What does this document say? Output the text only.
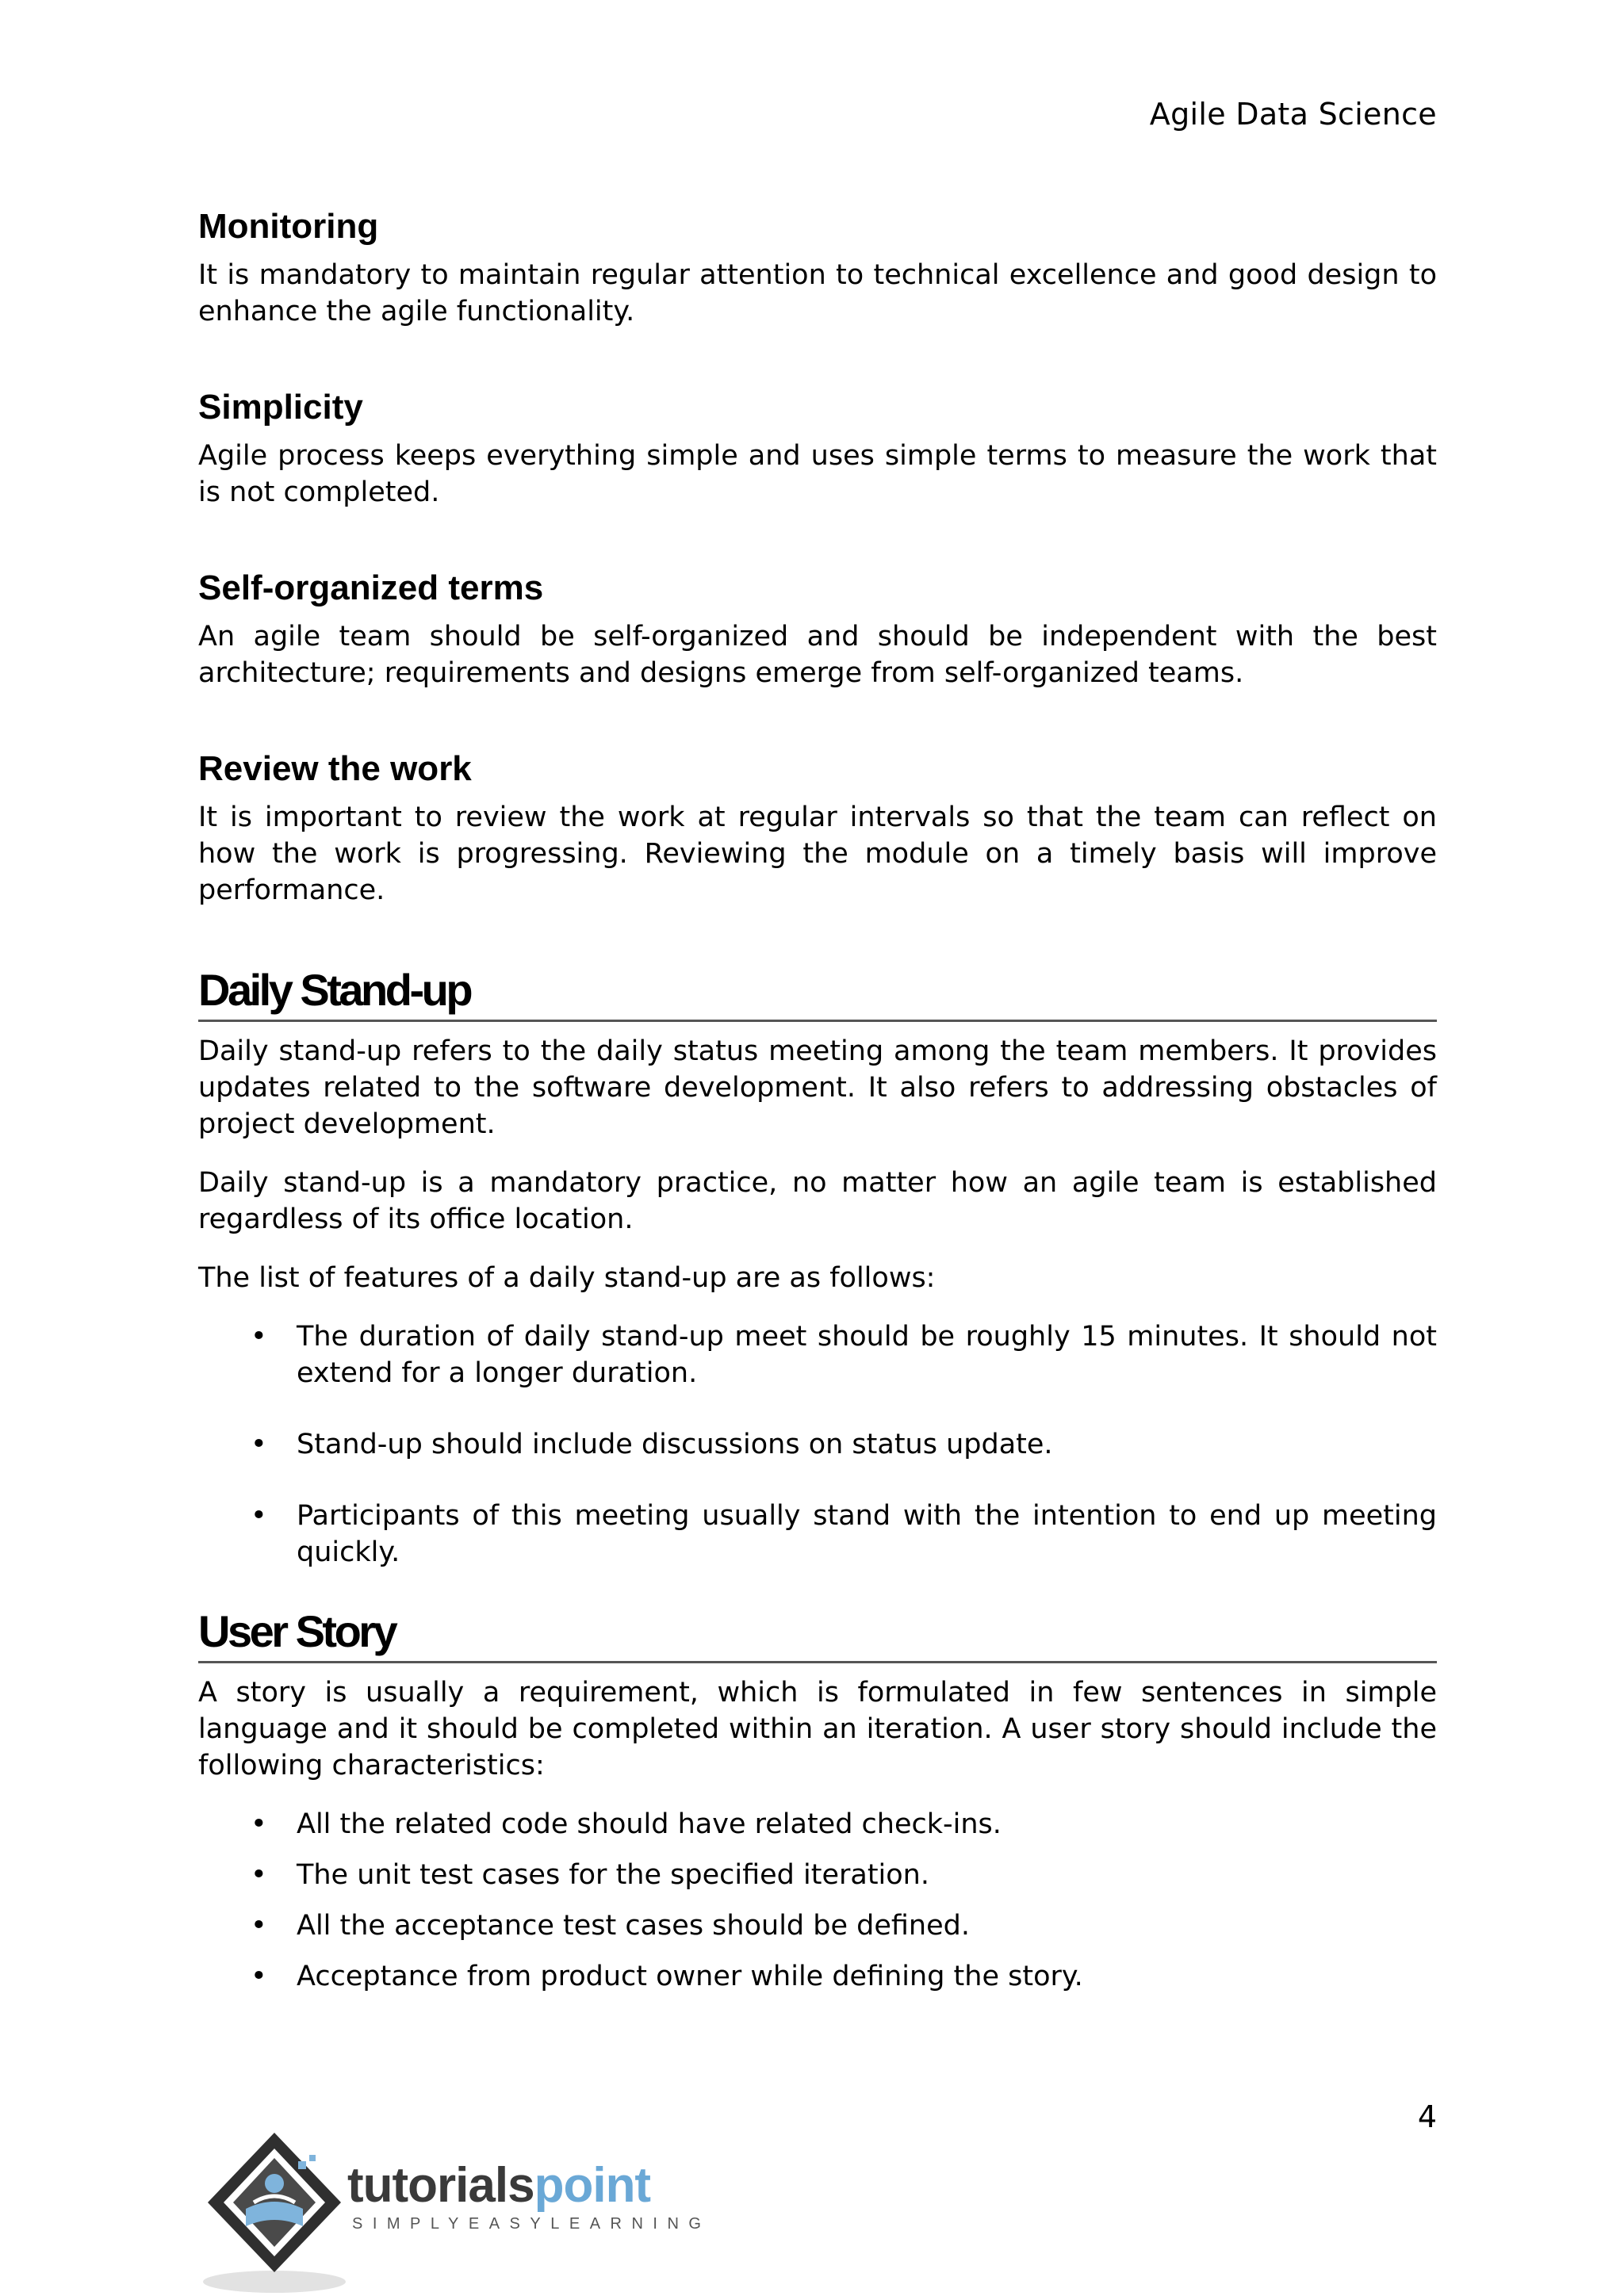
Agile Data Science
Monitoring

It is mandatory to maintain regular attention to technical excellence and good design to enhance the agile functionality.

Simplicity

Agile process keeps everything simple and uses simple terms to measure the work that is not completed.

Self-organized terms

An agile team should be self-organized and should be independent with the best architecture; requirements and designs emerge from self-organized teams.

Review the work

It is important to review the work at regular intervals so that the team can reflect on how the work is progressing. Reviewing the module on a timely basis will improve performance.

Daily Stand-up

Daily stand-up refers to the daily status meeting among the team members. It provides updates related to the software development. It also refers to addressing obstacles of project development.

Daily stand-up is a mandatory practice, no matter how an agile team is established regardless of its office location.

The list of features of a daily stand-up are as follows:

• The duration of daily stand-up meet should be roughly 15 minutes. It should not extend for a longer duration.
• Stand-up should include discussions on status update.
• Participants of this meeting usually stand with the intention to end up meeting quickly.
User Story

A story is usually a requirement, which is formulated in few sentences in simple language and it should be completed within an iteration. A user story should include the following characteristics:

• All the related code should have related check-ins.
• The unit test cases for the specified iteration.
• All the acceptance test cases should be defined.
• Acceptance from product owner while defining the story.
4
tutorialspoint
SIMPLYEASYLEARNING
